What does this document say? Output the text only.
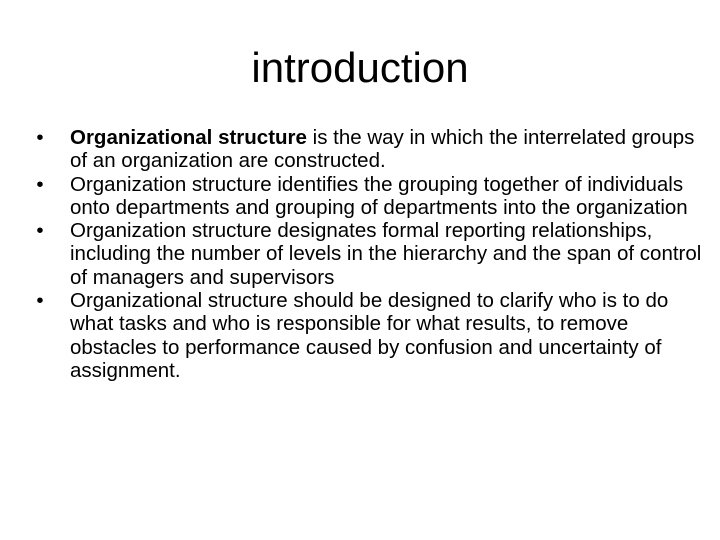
introduction
•	Organizational structure is the way in which the interrelated groups of an organization are constructed.
•	Organization structure identifies the grouping together of individuals onto departments and grouping of departments into the organization
•	Organization structure designates formal reporting relationships, including the number of levels in the hierarchy and the span of control of managers and supervisors
•	Organizational structure should be designed to clarify who is to do what tasks and who is responsible for what results, to remove obstacles to performance caused by confusion and uncertainty of assignment.
